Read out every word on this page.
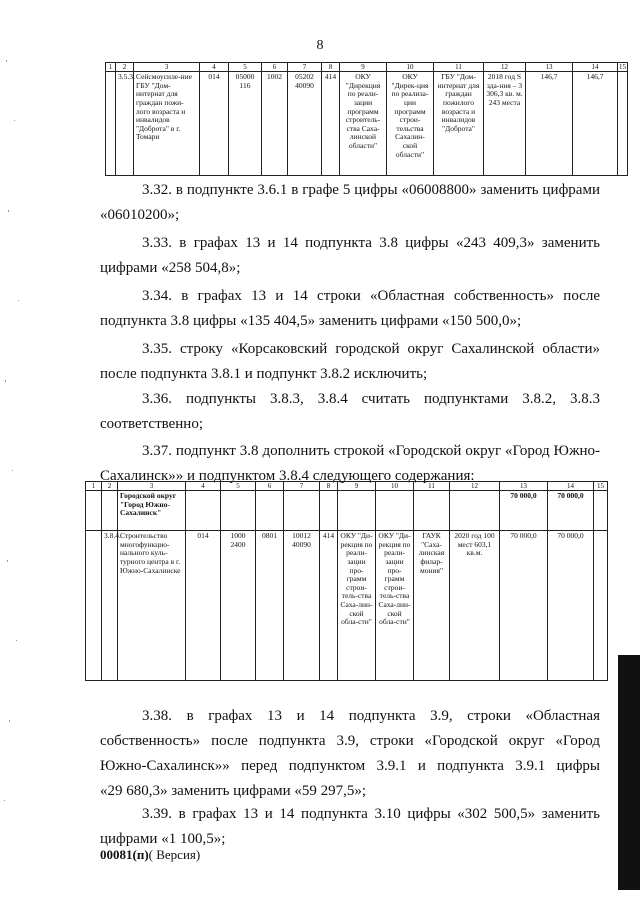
8
1	2	3	4	5	6	7	8	9	10	11	12	13	14	15
	3.5.3.	Сейсмоусиле-ние ГБУ "Дом-интернат для граждан пожи-лого возраста и инвалидов "Доброта" в г. Томари	014	05000 116	1002	05202 40090	414	ОКУ "Дирекция по реали-зации программ строитель-ства Саха-линской области"	ОКУ "Дирек-ция по реализа-ции программ строи-тельства Сахалин-ской области"	ГБУ "Дом-интернат для граждан пожилого возраста и инвалидов "Доброта"	2018 год S зда-ния – 3 306,3 кв. м. 243 места	146,7	146,7	
3.32. в подпункте 3.6.1 в графе 5 цифры «06008800» заменить цифрами
«06010200»;
3.33. в графах 13 и 14 подпункта 3.8 цифры «243 409,3» заменить
цифрами «258 504,8»;
3.34. в графах 13 и 14 строки «Областная собственность» после
подпункта 3.8 цифры «135 404,5» заменить цифрами «150 500,0»;
3.35. строку «Корсаковский городской округ Сахалинской области»
после подпункта 3.8.1 и подпункт 3.8.2 исключить;
3.36. подпункты 3.8.3, 3.8.4 считать подпунктами 3.8.2, 3.8.3
соответственно;
3.37. подпункт 3.8 дополнить строкой «Городской округ «Город Южно-
Сахалинск»» и подпунктом 3.8.4 следующего содержания:
1	2	3	4	5	6	7	8	9	10	11	12	13	14	15
		Городской округ "Город Южно-Сахалинск"										70 000,0	70 000,0	
	3.8.4.	Строительство многофункцио-нального куль-турного центра в г. Южно-Сахалинске	014	1000 2400	0801	10012 40090	414	ОКУ "Ди-рекция по реали-зации про-грамм строи-тель-ства Саха-лин-ской обла-сти"	ОКУ "Ди-рекция по реали-зации про-грамм строи-тель-ства Саха-лин-ской обла-сти"	ГАУК "Саха-линская филар-мония"	2020 год 100 мест 603,1 кв.м.	70 000,0	70 000,0	
3.38. в графах 13 и 14 подпункта 3.9, строки «Областная
собственность» после подпункта 3.9, строки «Городской округ «Город
Южно-Сахалинск»» перед подпунктом 3.9.1 и подпункта 3.9.1 цифры
«29 680,3» заменить цифрами «59 297,5»;
3.39. в графах 13 и 14 подпункта 3.10 цифры «302 500,5» заменить
цифрами «1 100,5»;
00081(п)( Версия)
